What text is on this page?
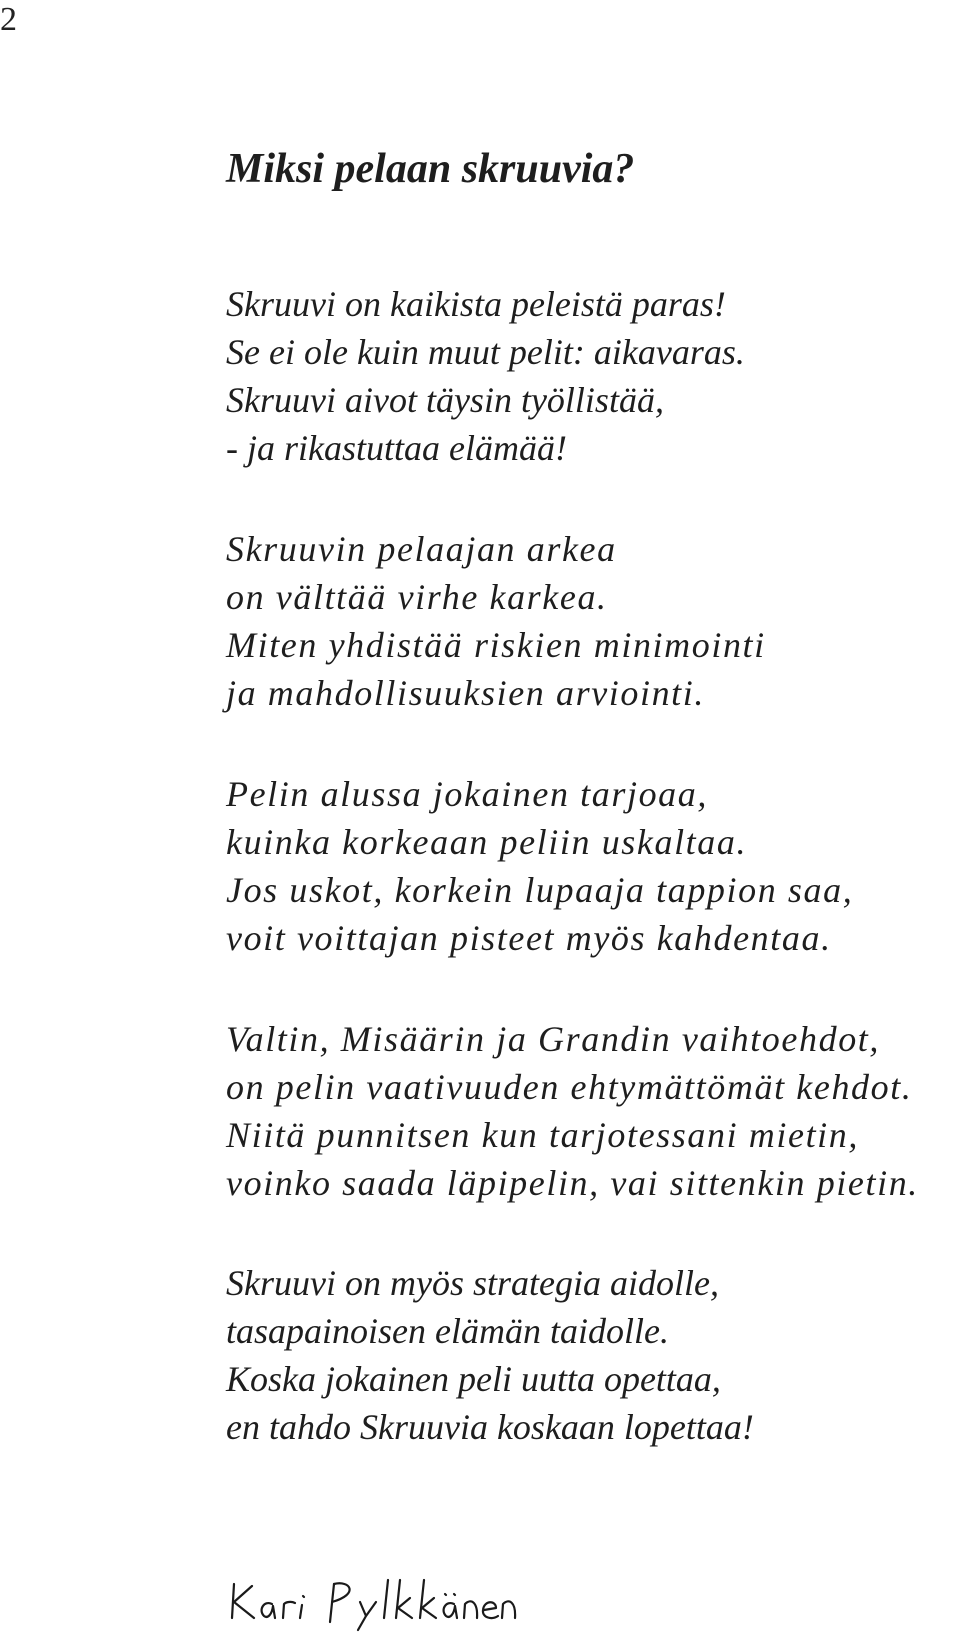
2
Miksi pelaan skruuvia?
Skruuvi on kaikista peleistä paras!
Se ei ole kuin muut pelit: aikavaras.
Skruuvi aivot täysin työllistää,
- ja rikastuttaa elämää!
Skruuvin pelaajan arkea
on välttää virhe karkea.
Miten yhdistää riskien minimointi
ja mahdollisuuksien arviointi.
Pelin alussa jokainen tarjoaa,
kuinka korkeaan peliin uskaltaa.
Jos uskot, korkein lupaaja tappion saa,
voit voittajan pisteet myös kahdentaa.
Valtin, Misäärin ja Grandin vaihtoehdot,
on pelin vaativuuden ehtymättömät kehdot.
Niitä punnitsen kun tarjotessani mietin,
voinko saada läpipelin, vai sittenkin pietin.
Skruuvi on myös strategia aidolle,
tasapainoisen elämän taidolle.
Koska jokainen peli uutta opettaa,
en tahdo Skruuvia koskaan lopettaa!
